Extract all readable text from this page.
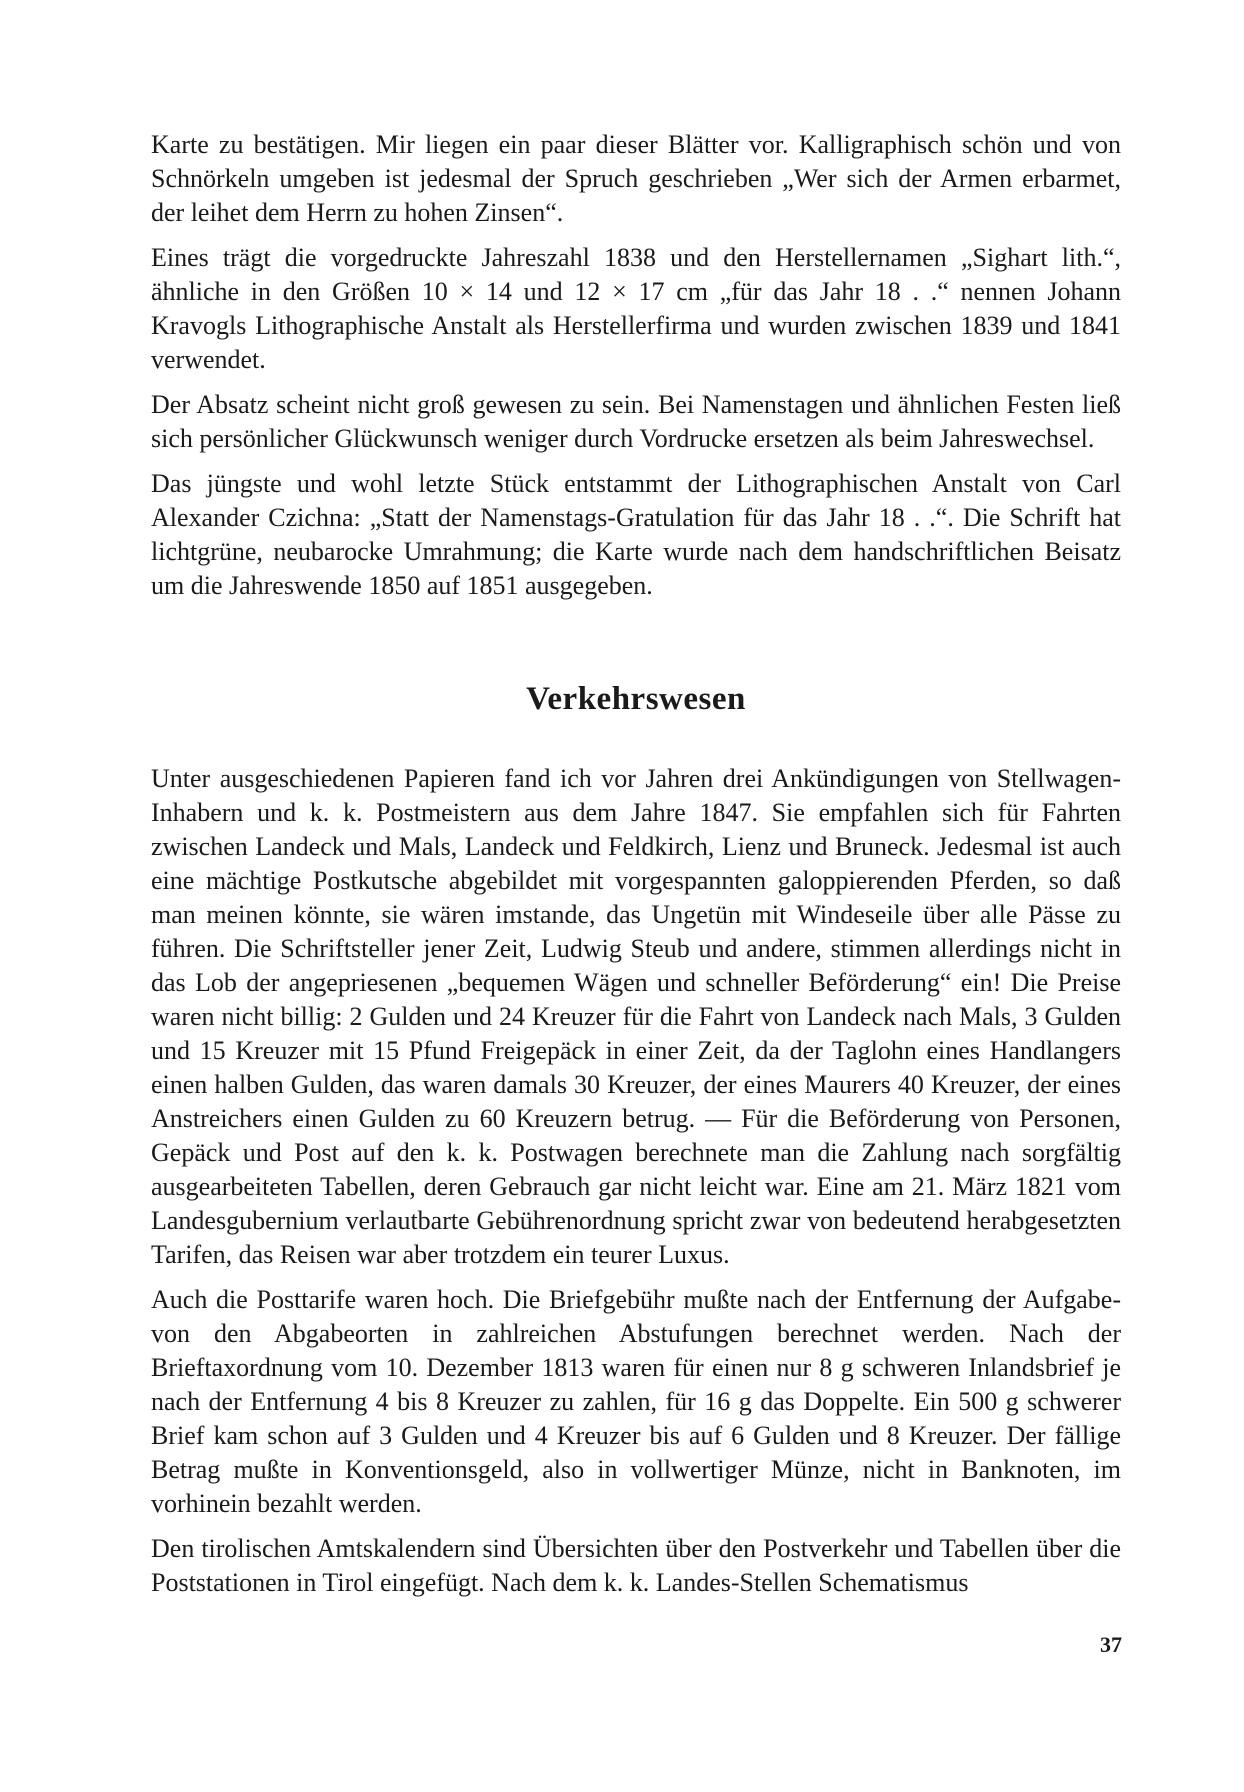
Karte zu bestätigen. Mir liegen ein paar dieser Blätter vor. Kalligraphisch schön und von Schnörkeln umgeben ist jedesmal der Spruch geschrieben „Wer sich der Armen erbarmet, der leihet dem Herrn zu hohen Zinsen“.

Eines trägt die vorgedruckte Jahreszahl 1838 und den Herstellernamen „Sighart lith.“, ähnliche in den Größen 10 × 14 und 12 × 17 cm „für das Jahr 18 . .“ nennen Johann Kravogls Lithographische Anstalt als Herstellerfirma und wurden zwischen 1839 und 1841 verwendet.

Der Absatz scheint nicht groß gewesen zu sein. Bei Namenstagen und ähnlichen Festen ließ sich persönlicher Glückwunsch weniger durch Vordrucke ersetzen als beim Jahreswechsel.

Das jüngste und wohl letzte Stück entstammt der Lithographischen Anstalt von Carl Alexander Czichna: „Statt der Namenstags-Gratulation für das Jahr 18 . .“. Die Schrift hat lichtgrüne, neubarocke Umrahmung; die Karte wurde nach dem handschriftlichen Beisatz um die Jahreswende 1850 auf 1851 ausgegeben.

Verkehrswesen

Unter ausgeschiedenen Papieren fand ich vor Jahren drei Ankündigungen von Stellwagen-Inhabern und k. k. Postmeistern aus dem Jahre 1847. Sie empfahlen sich für Fahrten zwischen Landeck und Mals, Landeck und Feldkirch, Lienz und Bruneck. Jedesmal ist auch eine mächtige Postkutsche abgebildet mit vorgespannten galoppierenden Pferden, so daß man meinen könnte, sie wären imstande, das Ungetün mit Windeseile über alle Pässe zu führen. Die Schriftsteller jener Zeit, Ludwig Steub und andere, stimmen allerdings nicht in das Lob der angepriesenen „bequemen Wägen und schneller Beförderung“ ein! Die Preise waren nicht billig: 2 Gulden und 24 Kreuzer für die Fahrt von Landeck nach Mals, 3 Gulden und 15 Kreuzer mit 15 Pfund Freigepäck in einer Zeit, da der Taglohn eines Handlangers einen halben Gulden, das waren damals 30 Kreuzer, der eines Maurers 40 Kreuzer, der eines Anstreichers einen Gulden zu 60 Kreuzern betrug. — Für die Beförderung von Personen, Gepäck und Post auf den k. k. Postwagen berechnete man die Zahlung nach sorgfältig ausgearbeiteten Tabellen, deren Gebrauch gar nicht leicht war. Eine am 21. März 1821 vom Landesgubernium verlautbarte Gebührenordnung spricht zwar von bedeutend herabgesetzten Tarifen, das Reisen war aber trotzdem ein teurer Luxus.

Auch die Posttarife waren hoch. Die Briefgebühr mußte nach der Entfernung der Aufgabe- von den Abgabeorten in zahlreichen Abstufungen berechnet werden. Nach der Brieftaxordnung vom 10. Dezember 1813 waren für einen nur 8 g schweren Inlandsbrief je nach der Entfernung 4 bis 8 Kreuzer zu zahlen, für 16 g das Doppelte. Ein 500 g schwerer Brief kam schon auf 3 Gulden und 4 Kreuzer bis auf 6 Gulden und 8 Kreuzer. Der fällige Betrag mußte in Konventionsgeld, also in vollwertiger Münze, nicht in Banknoten, im vorhinein bezahlt werden.

Den tirolischen Amtskalendern sind Übersichten über den Postverkehr und Tabellen über die Poststationen in Tirol eingefügt. Nach dem k. k. Landes-Stellen Schematismus

37
